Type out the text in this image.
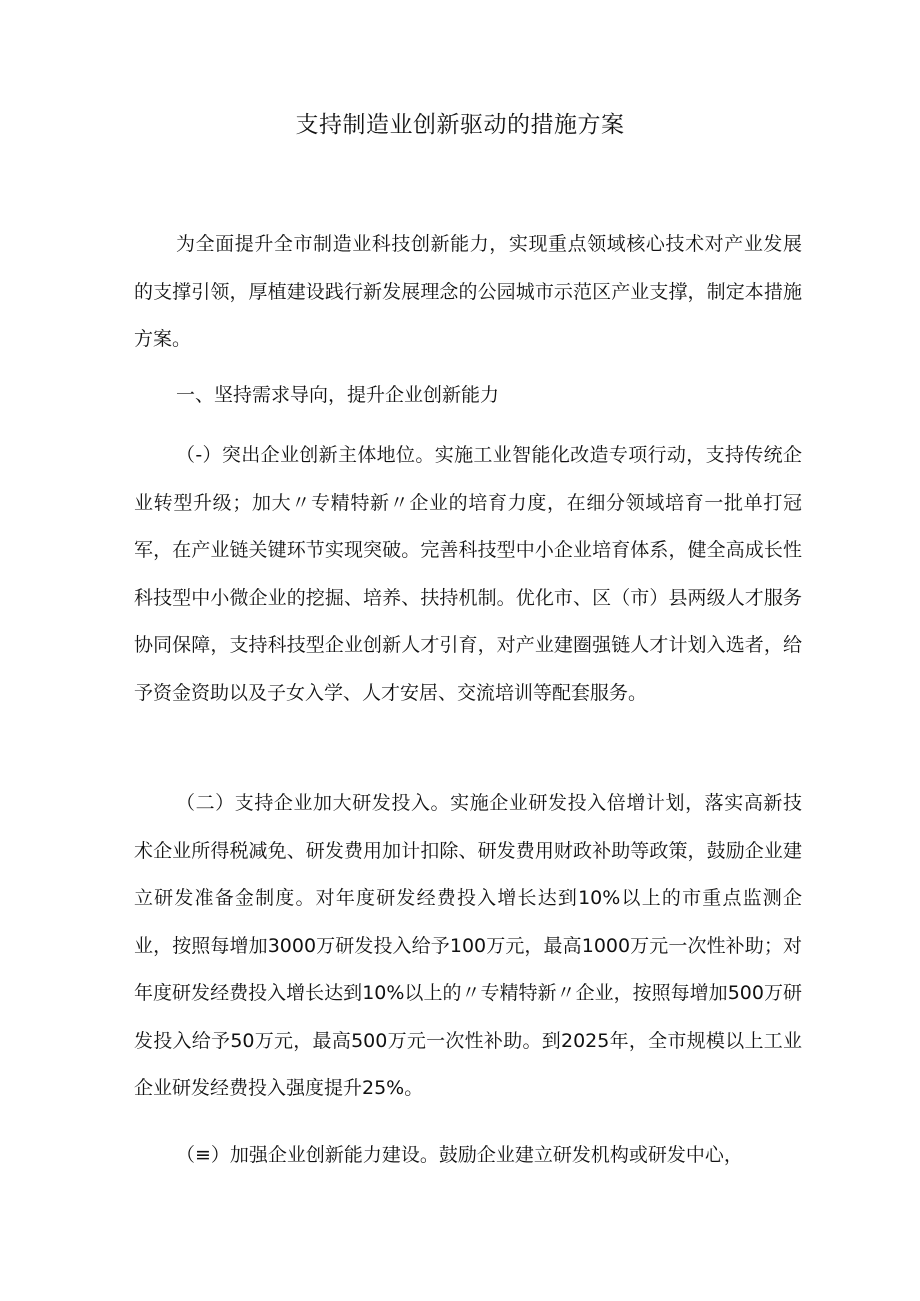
支持制造业创新驱动的措施方案

为全面提升全市制造业科技创新能力，实现重点领域核心技术对产业发展的支撑引领，厚植建设践行新发展理念的公园城市示范区产业支撑，制定本措施方案。

一、坚持需求导向，提升企业创新能力

（-）突出企业创新主体地位。实施工业智能化改造专项行动，支持传统企业转型升级；加大〃专精特新〃企业的培育力度，在细分领域培育一批单打冠军，在产业链关键环节实现突破。完善科技型中小企业培育体系，健全高成长性科技型中小微企业的挖掘、培养、扶持机制。优化市、区（市）县两级人才服务协同保障，支持科技型企业创新人才引育，对产业建圈强链人才计划入选者，给予资金资助以及子女入学、人才安居、交流培训等配套服务。

（二）支持企业加大研发投入。实施企业研发投入倍增计划，落实高新技术企业所得税减免、研发费用加计扣除、研发费用财政补助等政策，鼓励企业建立研发准备金制度。对年度研发经费投入增长达到10%以上的市重点监测企业，按照每增加3000万研发投入给予100万元，最高1000万元一次性补助；对年度研发经费投入增长达到10%以上的〃专精特新〃企业，按照每增加500万研发投入给予50万元，最高500万元一次性补助。到2025年，全市规模以上工业企业研发经费投入强度提升25%。

（≡）加强企业创新能力建设。鼓励企业建立研发机构或研发中心，
